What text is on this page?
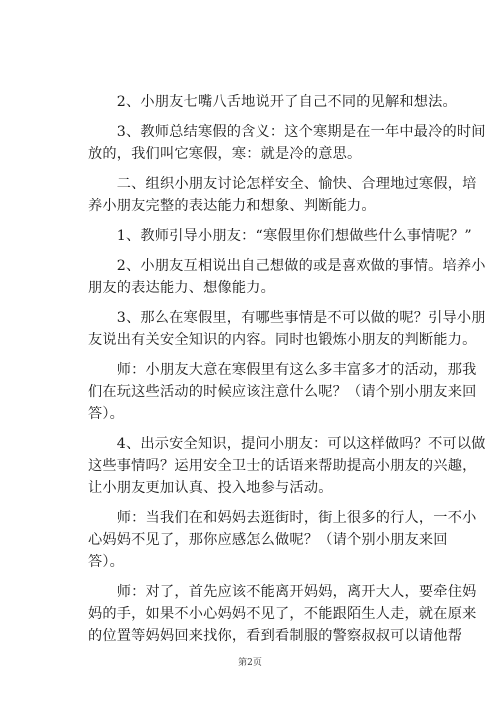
　　2、小朋友七嘴八舌地说开了自己不同的见解和想法。

　　3、教师总结寒假的含义：这个寒期是在一年中最冷的时间
放的，我们叫它寒假，寒：就是冷的意思。

　　二、组织小朋友讨论怎样安全、愉快、合理地过寒假，培
养小朋友完整的表达能力和想象、判断能力。

　　1、教师引导小朋友：“寒假里你们想做些什么事情呢？”

　　2、小朋友互相说出自己想做的或是喜欢做的事情。培养小
朋友的表达能力、想像能力。

　　3、那么在寒假里，有哪些事情是不可以做的呢？引导小朋
友说出有关安全知识的内容。同时也锻炼小朋友的判断能力。

　　师：小朋友大意在寒假里有这么多丰富多才的活动，那我
们在玩这些活动的时候应该注意什么呢？（请个别小朋友来回
答）。

　　4、出示安全知识，提问小朋友：可以这样做吗？不可以做
这些事情吗？运用安全卫士的话语来帮助提高小朋友的兴趣，
让小朋友更加认真、投入地参与活动。

　　师：当我们在和妈妈去逛街时，街上很多的行人，一不小
心妈妈不见了，那你应感怎么做呢？（请个别小朋友来回
答）。

　　师：对了，首先应该不能离开妈妈，离开大人，要牵住妈
妈的手，如果不小心妈妈不见了，不能跟陌生人走，就在原来
的位置等妈妈回来找你，看到看制服的警察叔叔可以请他帮

第2页
